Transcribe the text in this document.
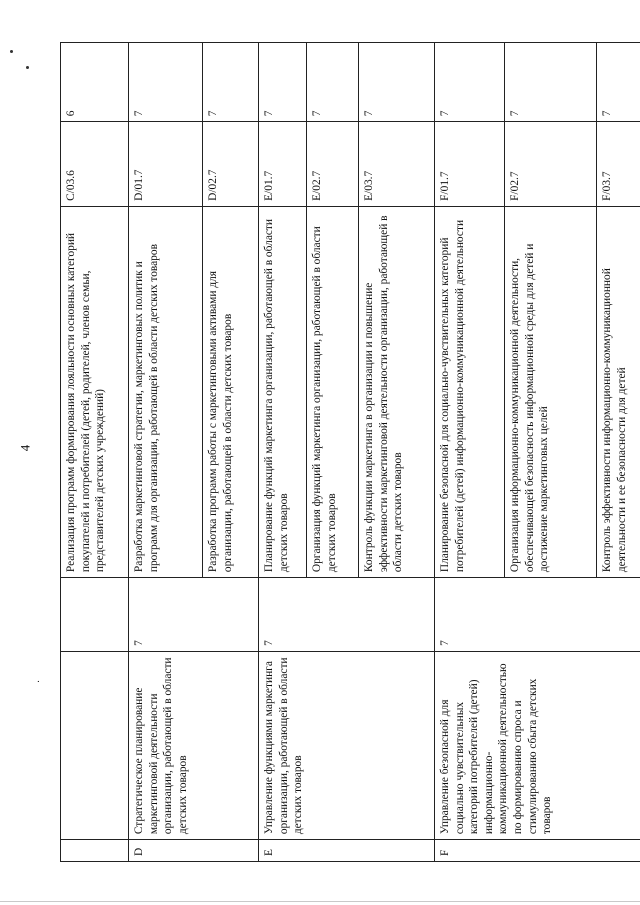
4
·
			Реализация программ формирования лояльности основных категорий покупателей и потребителей (детей, родителей, членов семьи, представителей детских учреждений)	C/03.6	6
D	Стратегическое планирование маркетинговой деятельности организации, работающей в области детских товаров	7	Разработка маркетинговой стратегии, маркетинговых политик и программ для организации, работающей в области детских товаров	D/01.7	7
			Разработка программ работы с маркетинговыми активами для организации, работающей в области детских товаров	D/02.7	7
E	Управление функциями маркетинга организации, работающей в области детских товаров	7	Планирование функций маркетинга организации, работающей в области детских товаров	E/01.7	7
			Организация функций маркетинга организации, работающей в области детских товаров	E/02.7	7
			Контроль функции маркетинга в организации и повышение эффективности маркетинговой деятельности организации, работающей в области детских товаров	E/03.7	7
F	Управление безопасной для социально чувствительных категорий потребителей (детей) информационно-коммуникационной деятельностью по формированию спроса и стимулированию сбыта детских товаров	7	Планирование безопасной для социально-чувствительных категорий потребителей (детей) информационно-коммуникационной деятельности	F/01.7	7
			Организация информационно-коммуникационной деятельности, обеспечивающей безопасность информационной среды для детей и достижение маркетинговых целей	F/02.7	7
			Контроль эффективности информационно-коммуникационной деятельности и ее безопасности для детей	F/03.7	7
